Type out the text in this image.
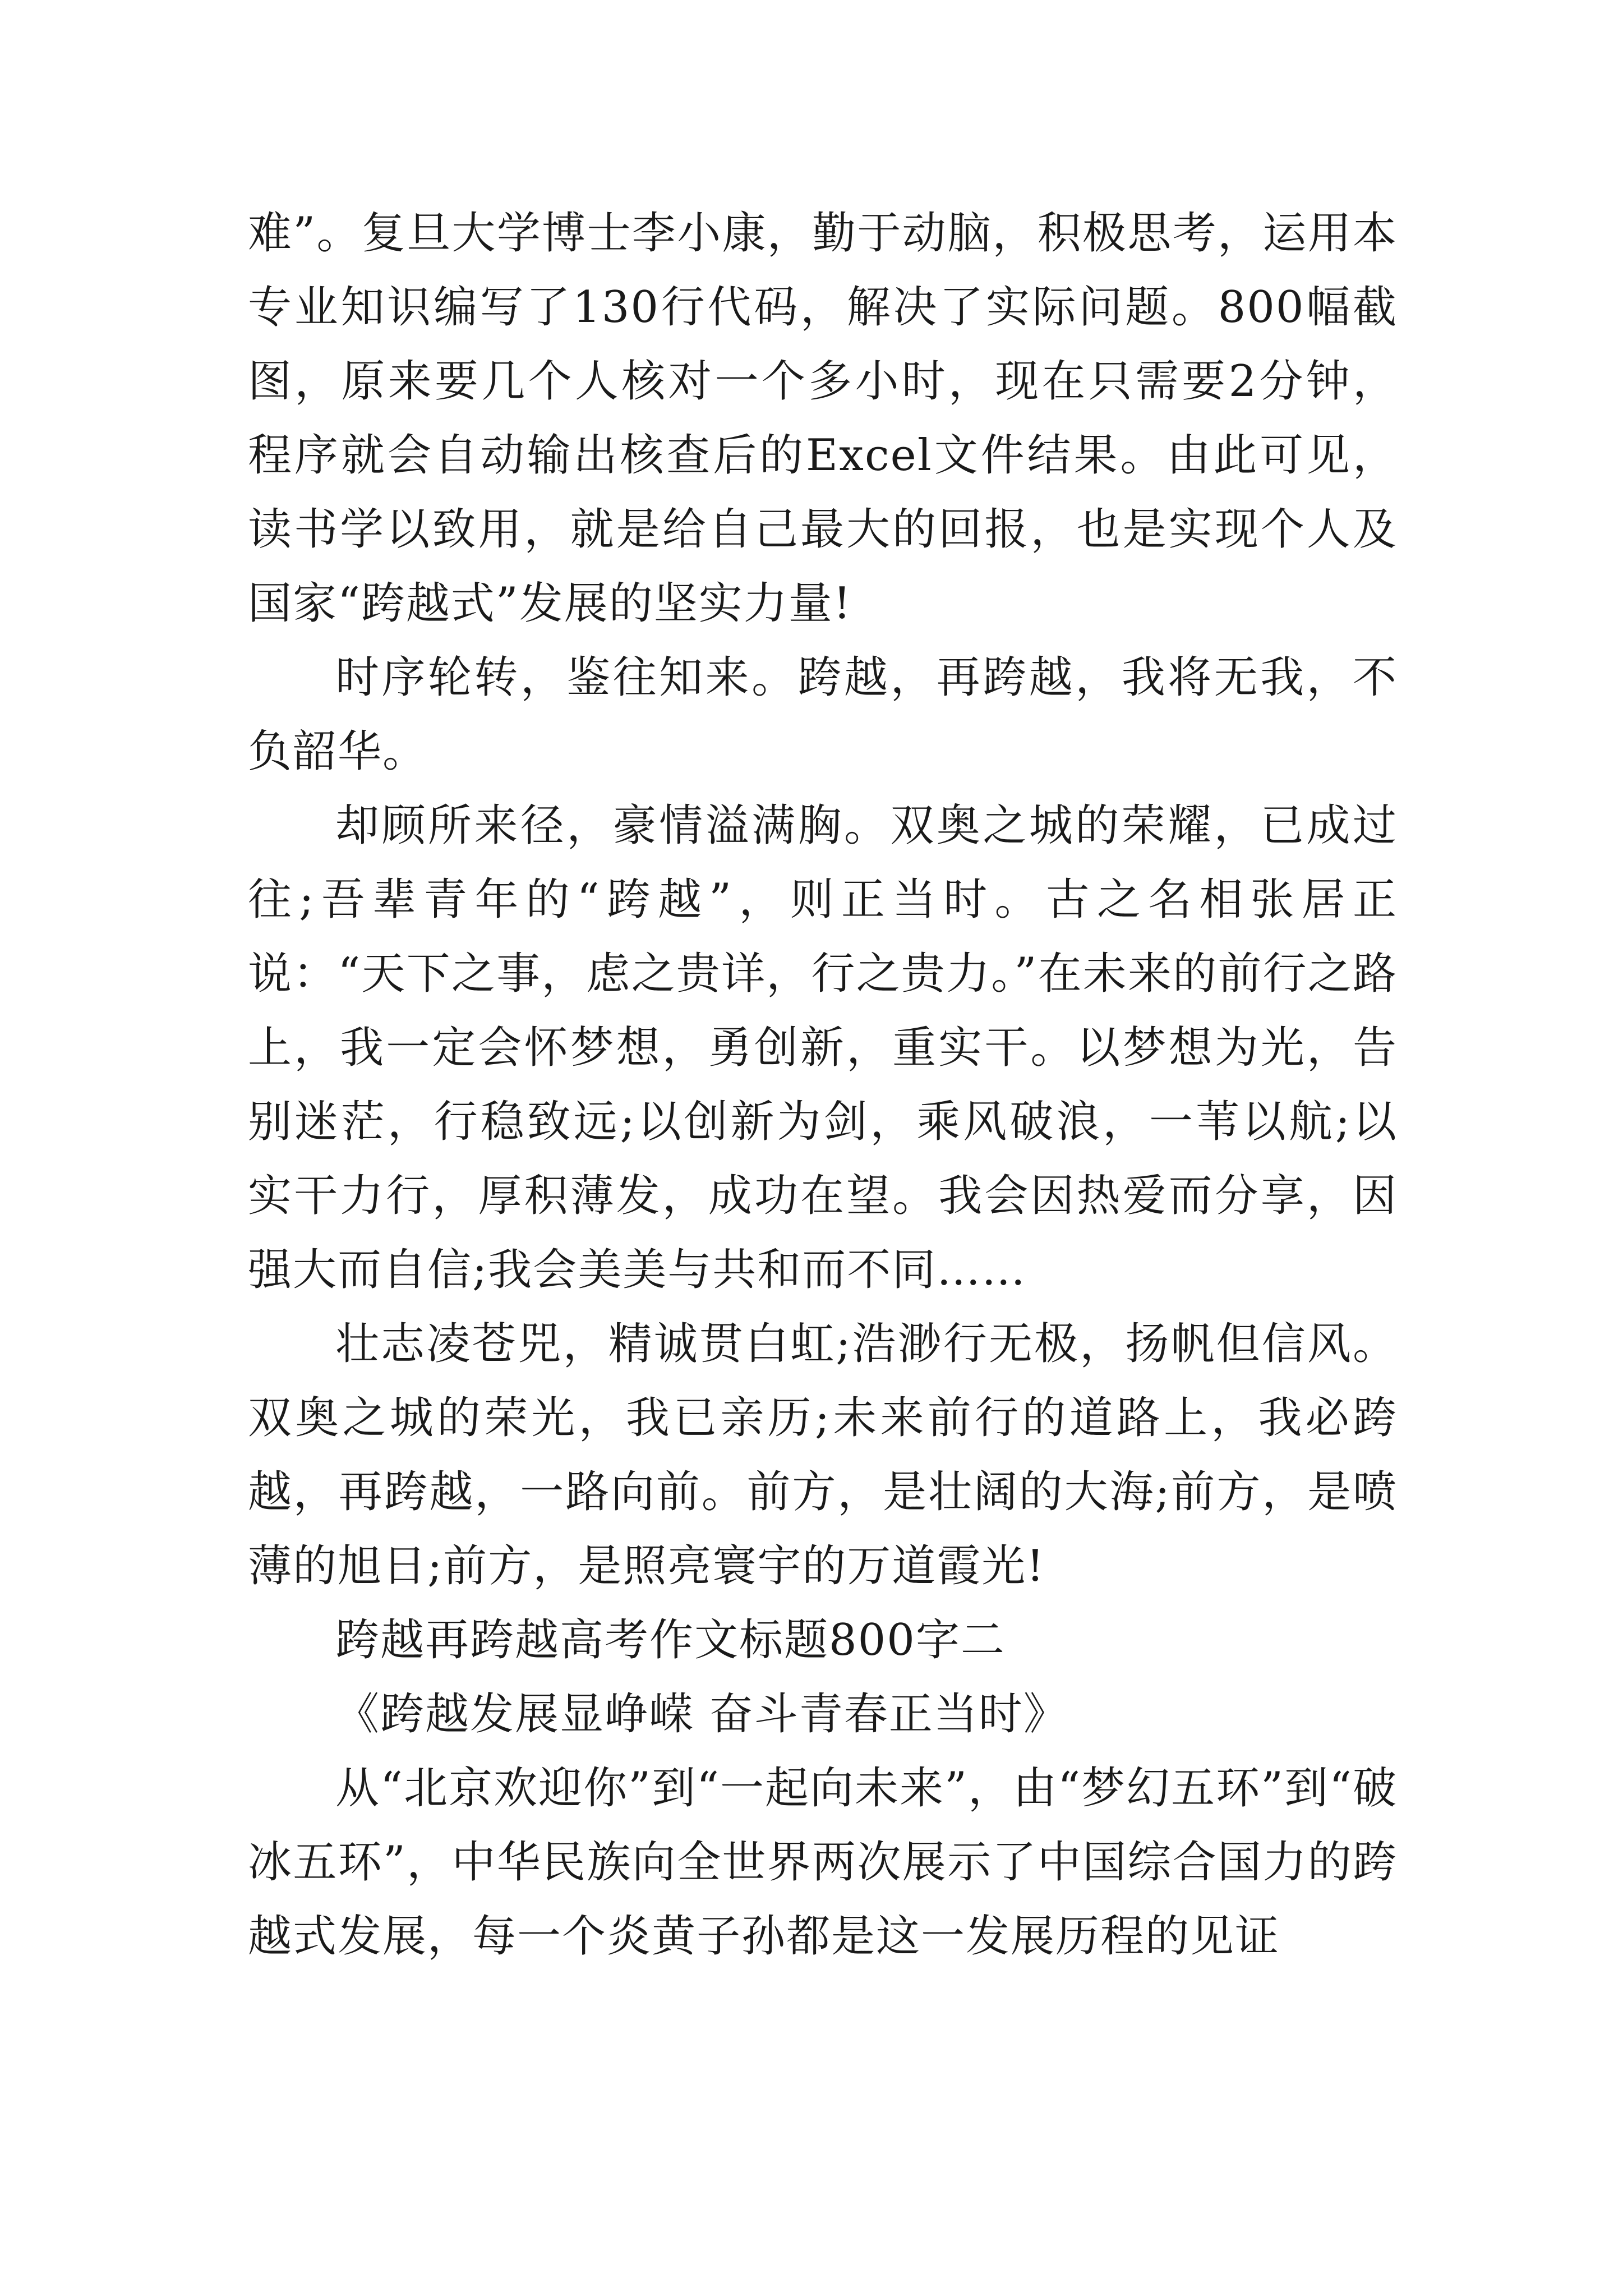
难”。复旦大学博士李小康，勤于动脑，积极思考，运用本专业知识编写了130行代码，解决了实际问题。800幅截图，原来要几个人核对一个多小时，现在只需要2分钟，程序就会自动输出核查后的Excel文件结果。由此可见，读书学以致用，就是给自己最大的回报，也是实现个人及国家“跨越式”发展的坚实力量!

时序轮转，鉴往知来。跨越，再跨越，我将无我，不负韶华。

却顾所来径，豪情溢满胸。双奥之城的荣耀，已成过往;吾辈青年的“跨越”，则正当时。古之名相张居正说：“天下之事，虑之贵详，行之贵力。”在未来的前行之路上，我一定会怀梦想，勇创新，重实干。以梦想为光，告别迷茫，行稳致远;以创新为剑，乘风破浪，一苇以航;以实干力行，厚积薄发，成功在望。我会因热爱而分享，因强大而自信;我会美美与共和而不同……

壮志凌苍兕，精诚贯白虹;浩渺行无极，扬帆但信风。双奥之城的荣光，我已亲历;未来前行的道路上，我必跨越，再跨越，一路向前。前方，是壮阔的大海;前方，是喷薄的旭日;前方，是照亮寰宇的万道霞光!

跨越再跨越高考作文标题800字二

《跨越发展显峥嵘 奋斗青春正当时》

从“北京欢迎你”到“一起向未来”，由“梦幻五环”到“破冰五环”，中华民族向全世界两次展示了中国综合国力的跨越式发展，每一个炎黄子孙都是这一发展历程的见证
